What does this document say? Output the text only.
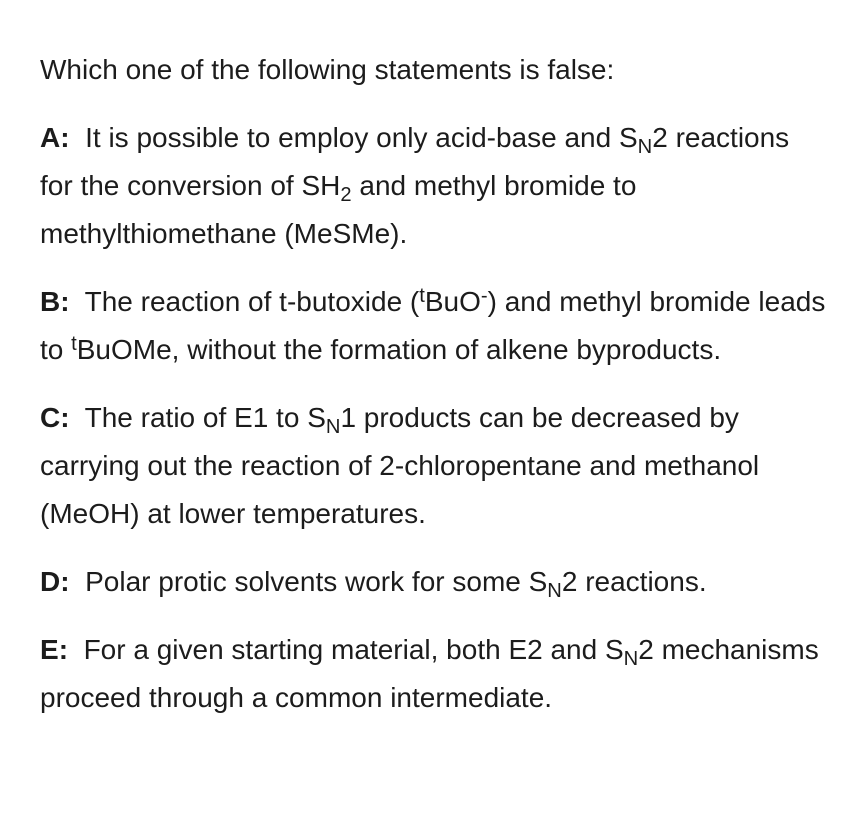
Which one of the following statements is false:

A: It is possible to employ only acid-base and $S_N2$ reactions for the conversion of $SH_2$ and methyl bromide to methylthiomethane (MeSMe).

B: The reaction of t-butoxide ($^t$BuO-) and methyl bromide leads to $^t$BuOMe, without the formation of alkene byproducts.

C: The ratio of E1 to $S_N1$ products can be decreased by carrying out the reaction of 2-chloropentane and methanol (MeOH) at lower temperatures.

D: Polar protic solvents work for some $S_N2$ reactions.

E: For a given starting material, both E2 and $S_N2$ mechanisms proceed through a common intermediate.
